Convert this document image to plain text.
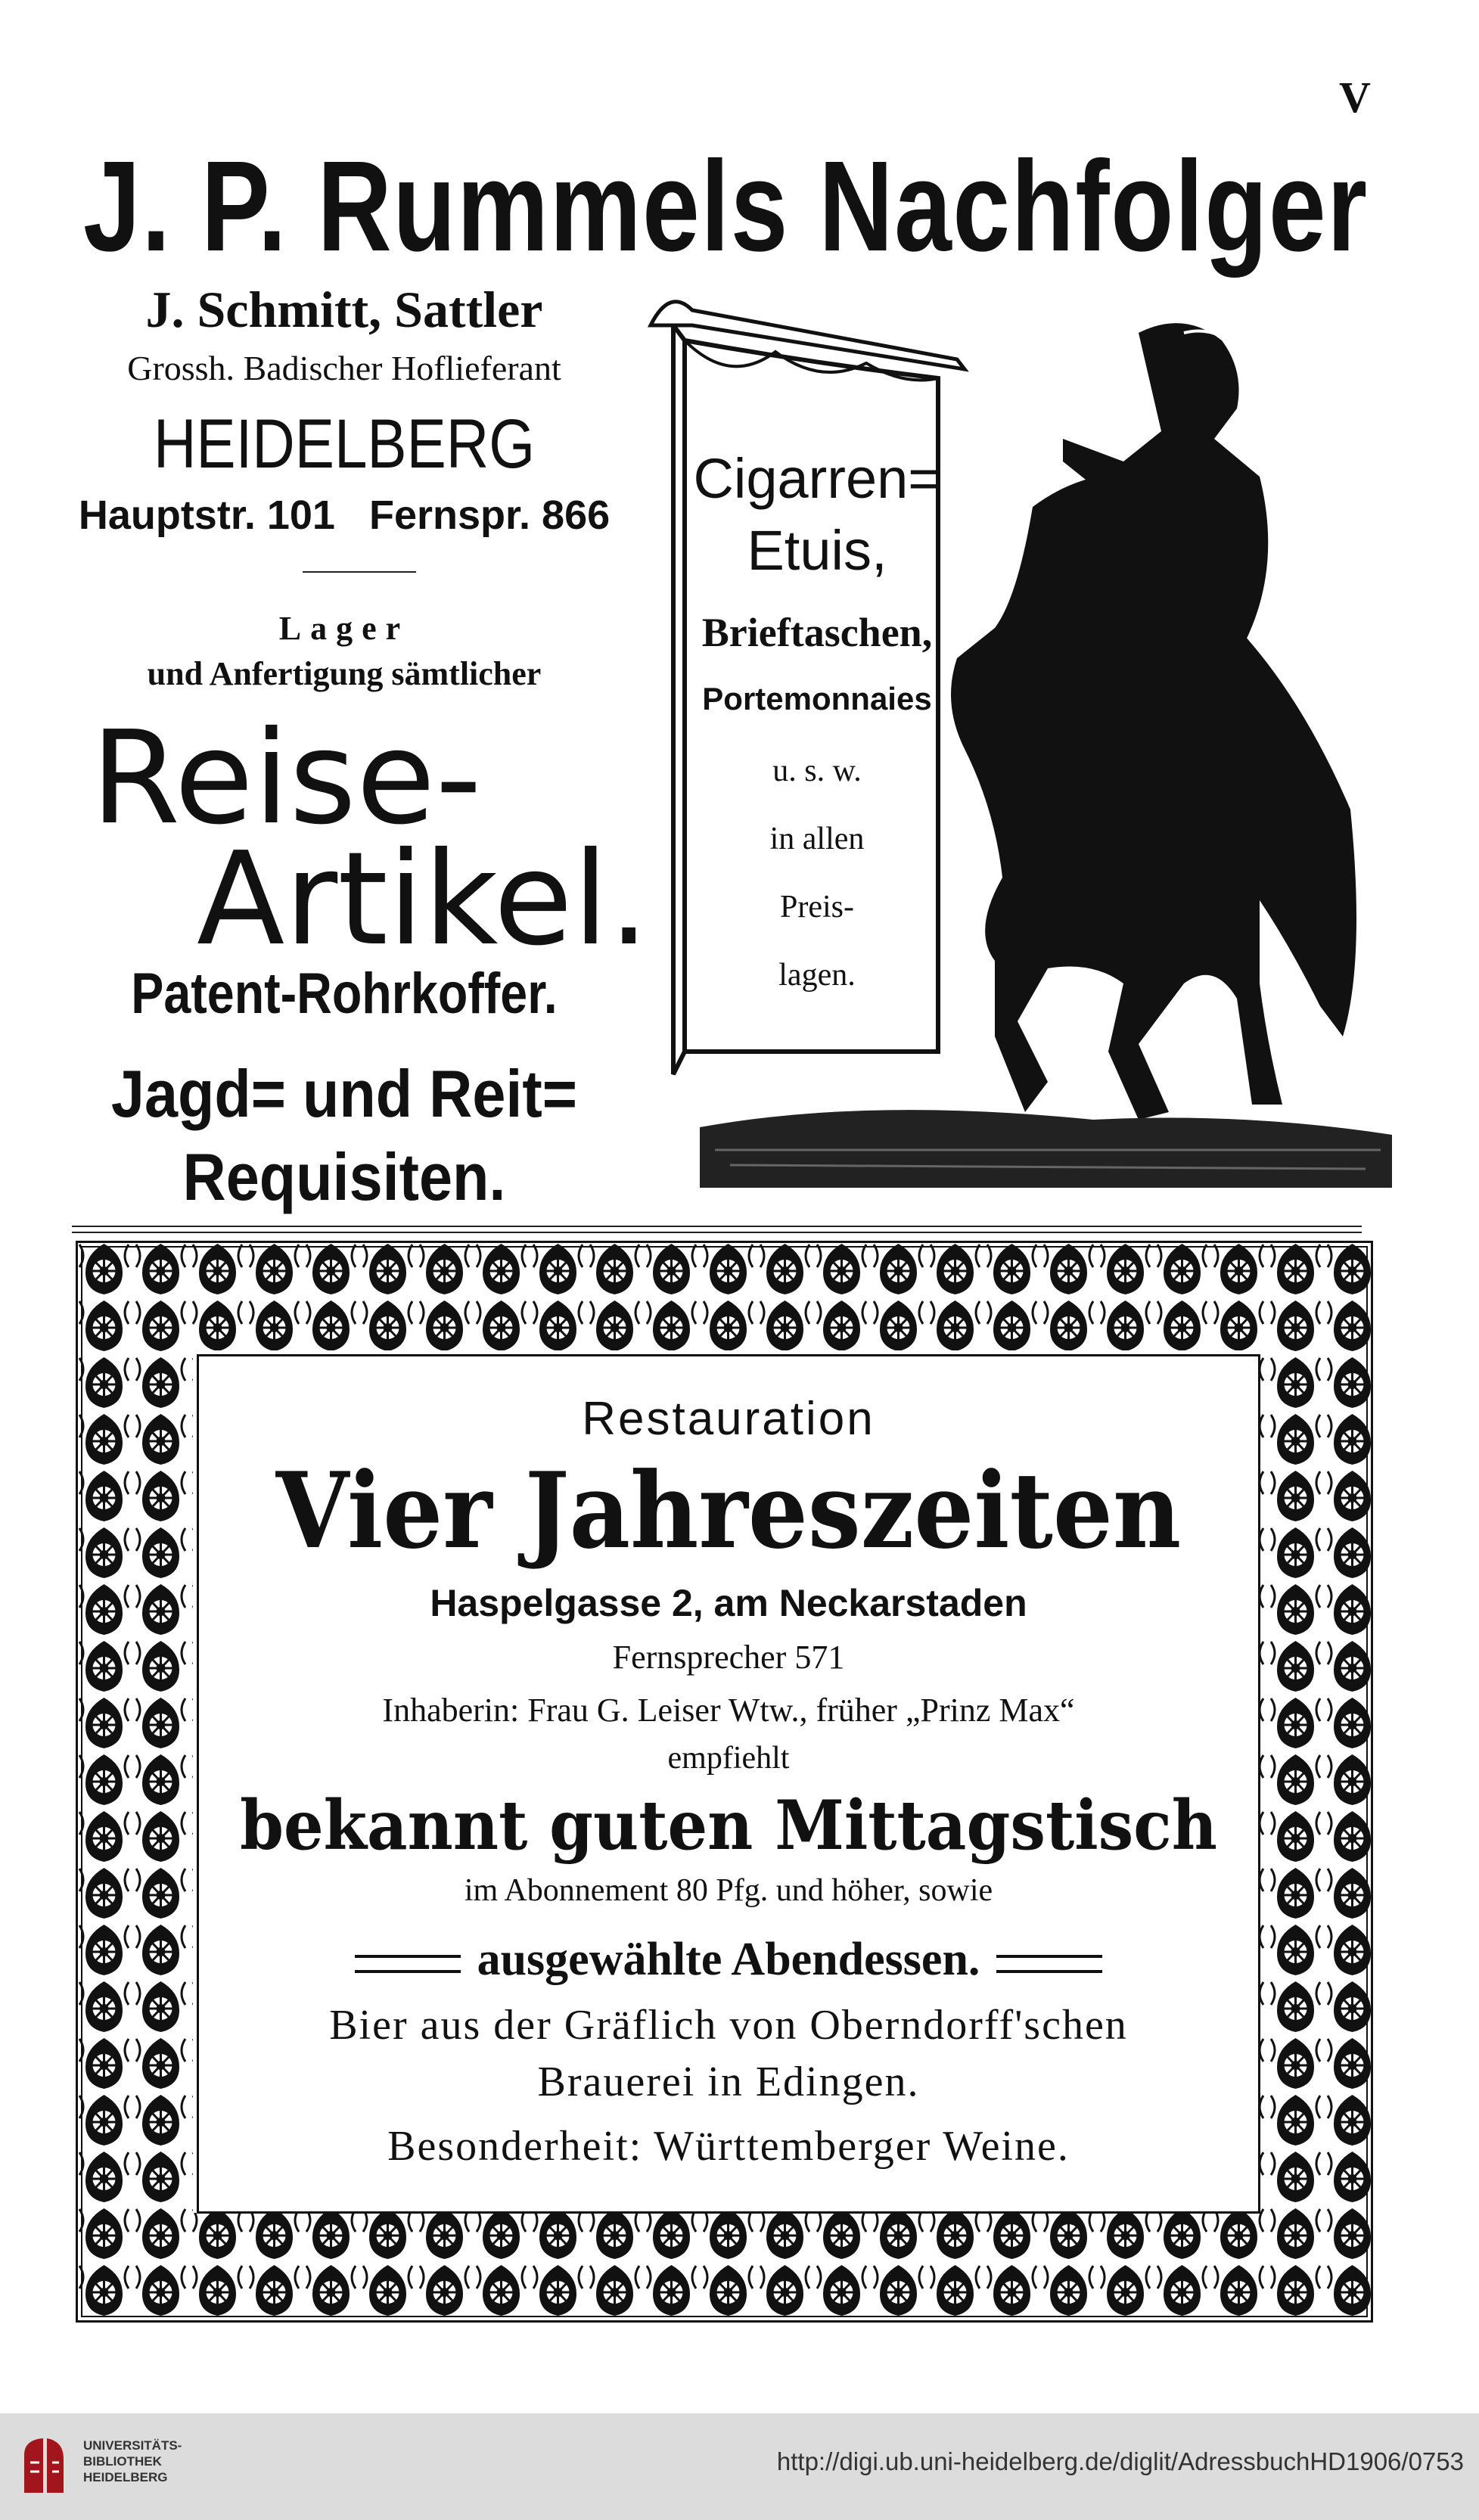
V
J. P. Rummels Nachfolger
J. Schmitt, Sattler
Grossh. Badischer Hoflieferant
HEIDELBERG
Hauptstr. 101   Fernspr. 866
Lager
und Anfertigung sämtlicher
Reise-
Artikel.
Patent-Rohrkoffer.
Jagd= und Reit=
Requisiten.
Cigarren=
Etuis,
Brieftaschen,
Portemonnaies
u. s. w.
in allen
Preis-
lagen.
Restauration
Vier Jahreszeiten
Haspelgasse 2, am Neckarstaden
Fernsprecher 571
Inhaberin: Frau G. Leiser Wtw., früher „Prinz Max“
empfiehlt
bekannt guten Mittagstisch
im Abonnement 80 Pfg. und höher, sowie
ausgewählte Abendessen.
Bier aus der Gräflich von Oberndorff'schen
Brauerei in Edingen.
Besonderheit: Württemberger Weine.
UNIVERSITÄTS-
BIBLIOTHEK
HEIDELBERG
http://digi.ub.uni-heidelberg.de/diglit/AdressbuchHD1906/0753
